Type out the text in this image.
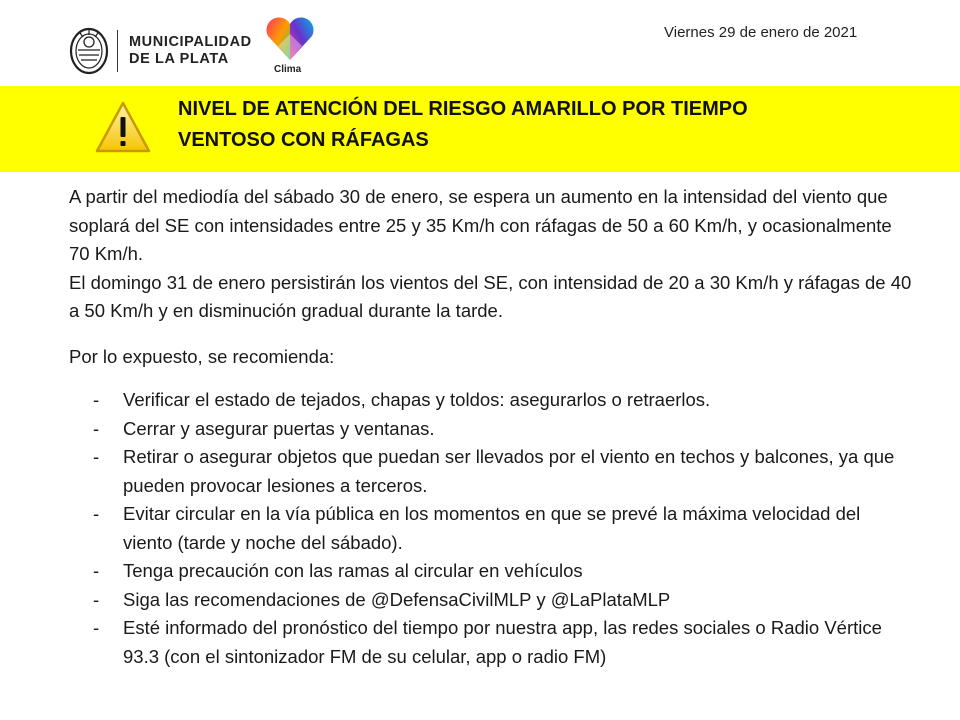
MUNICIPALIDAD
DE LA PLATA
Clima
Viernes 29 de enero de 2021
NIVEL DE ATENCIÓN DEL RIESGO AMARILLO POR TIEMPO
VENTOSO CON RÁFAGAS

A partir del mediodía del sábado 30 de enero, se espera un aumento en la intensidad del viento que soplará del SE con intensidades entre 25 y 35 Km/h con ráfagas de 50 a 60 Km/h, y ocasionalmente 70 Km/h.

El domingo 31 de enero persistirán los vientos del SE, con intensidad de 20 a 30 Km/h y ráfagas de 40 a 50 Km/h y en disminución gradual durante la tarde.

Por lo expuesto, se recomienda:

- Verificar el estado de tejados, chapas y toldos: asegurarlos o retraerlos.
- Cerrar y asegurar puertas y ventanas.
- Retirar o asegurar objetos que puedan ser llevados por el viento en techos y balcones, ya que pueden provocar lesiones a terceros.
- Evitar circular en la vía pública en los momentos en que se prevé la máxima velocidad del viento (tarde y noche del sábado).
- Tenga precaución con las ramas al circular en vehículos
- Siga las recomendaciones de @DefensaCivilMLP y @LaPlataMLP
- Esté informado del pronóstico del tiempo por nuestra app, las redes sociales o Radio Vértice 93.3 (con el sintonizador FM de su celular, app o radio FM)
